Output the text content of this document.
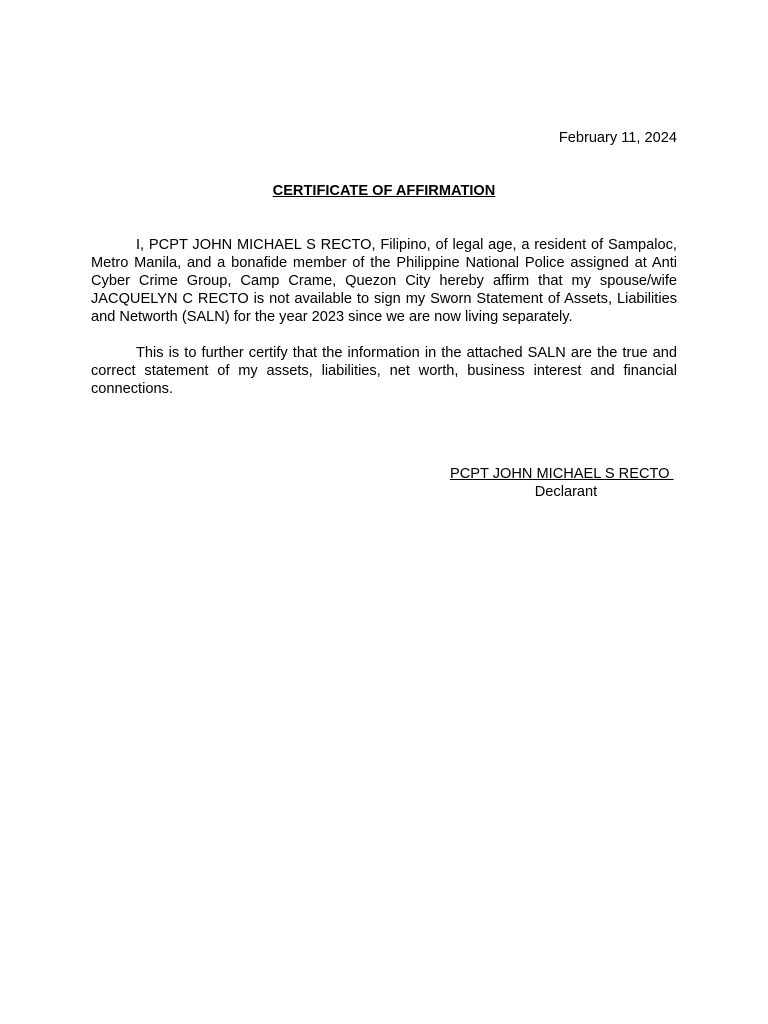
February 11, 2024

CERTIFICATE OF AFFIRMATION

I, PCPT JOHN MICHAEL S RECTO, Filipino, of legal age, a resident of Sampaloc, Metro Manila, and a bonafide member of the Philippine National Police assigned at Anti Cyber Crime Group, Camp Crame, Quezon City hereby affirm that my spouse/wife JACQUELYN C RECTO is not available to sign my Sworn Statement of Assets, Liabilities and Networth (SALN) for the year 2023 since we are now living separately.

This is to further certify that the information in the attached SALN are the true and correct statement of my assets, liabilities, net worth, business interest and financial connections.

PCPT JOHN MICHAEL S RECTO
Declarant
